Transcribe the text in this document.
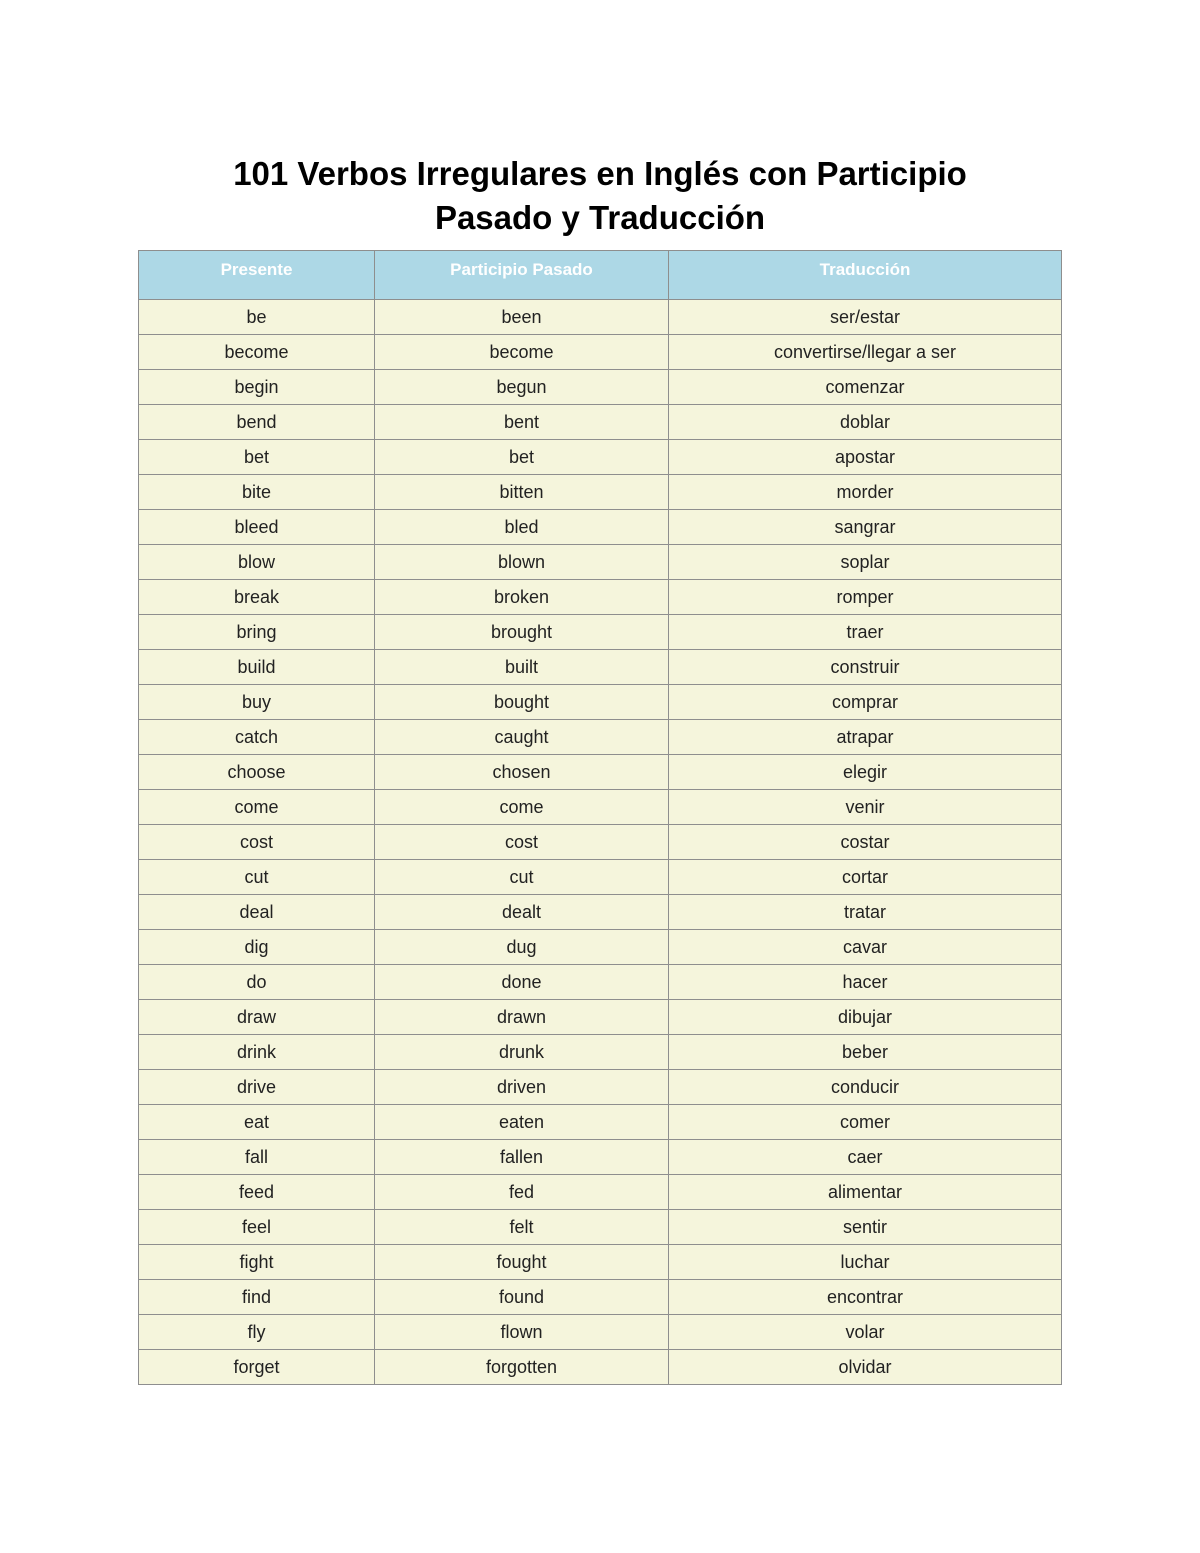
101 Verbos Irregulares en Inglés con Participio
Pasado y Traducción
Presente	Participio Pasado	Traducción
be	been	ser/estar
become	become	convertirse/llegar a ser
begin	begun	comenzar
bend	bent	doblar
bet	bet	apostar
bite	bitten	morder
bleed	bled	sangrar
blow	blown	soplar
break	broken	romper
bring	brought	traer
build	built	construir
buy	bought	comprar
catch	caught	atrapar
choose	chosen	elegir
come	come	venir
cost	cost	costar
cut	cut	cortar
deal	dealt	tratar
dig	dug	cavar
do	done	hacer
draw	drawn	dibujar
drink	drunk	beber
drive	driven	conducir
eat	eaten	comer
fall	fallen	caer
feed	fed	alimentar
feel	felt	sentir
fight	fought	luchar
find	found	encontrar
fly	flown	volar
forget	forgotten	olvidar
